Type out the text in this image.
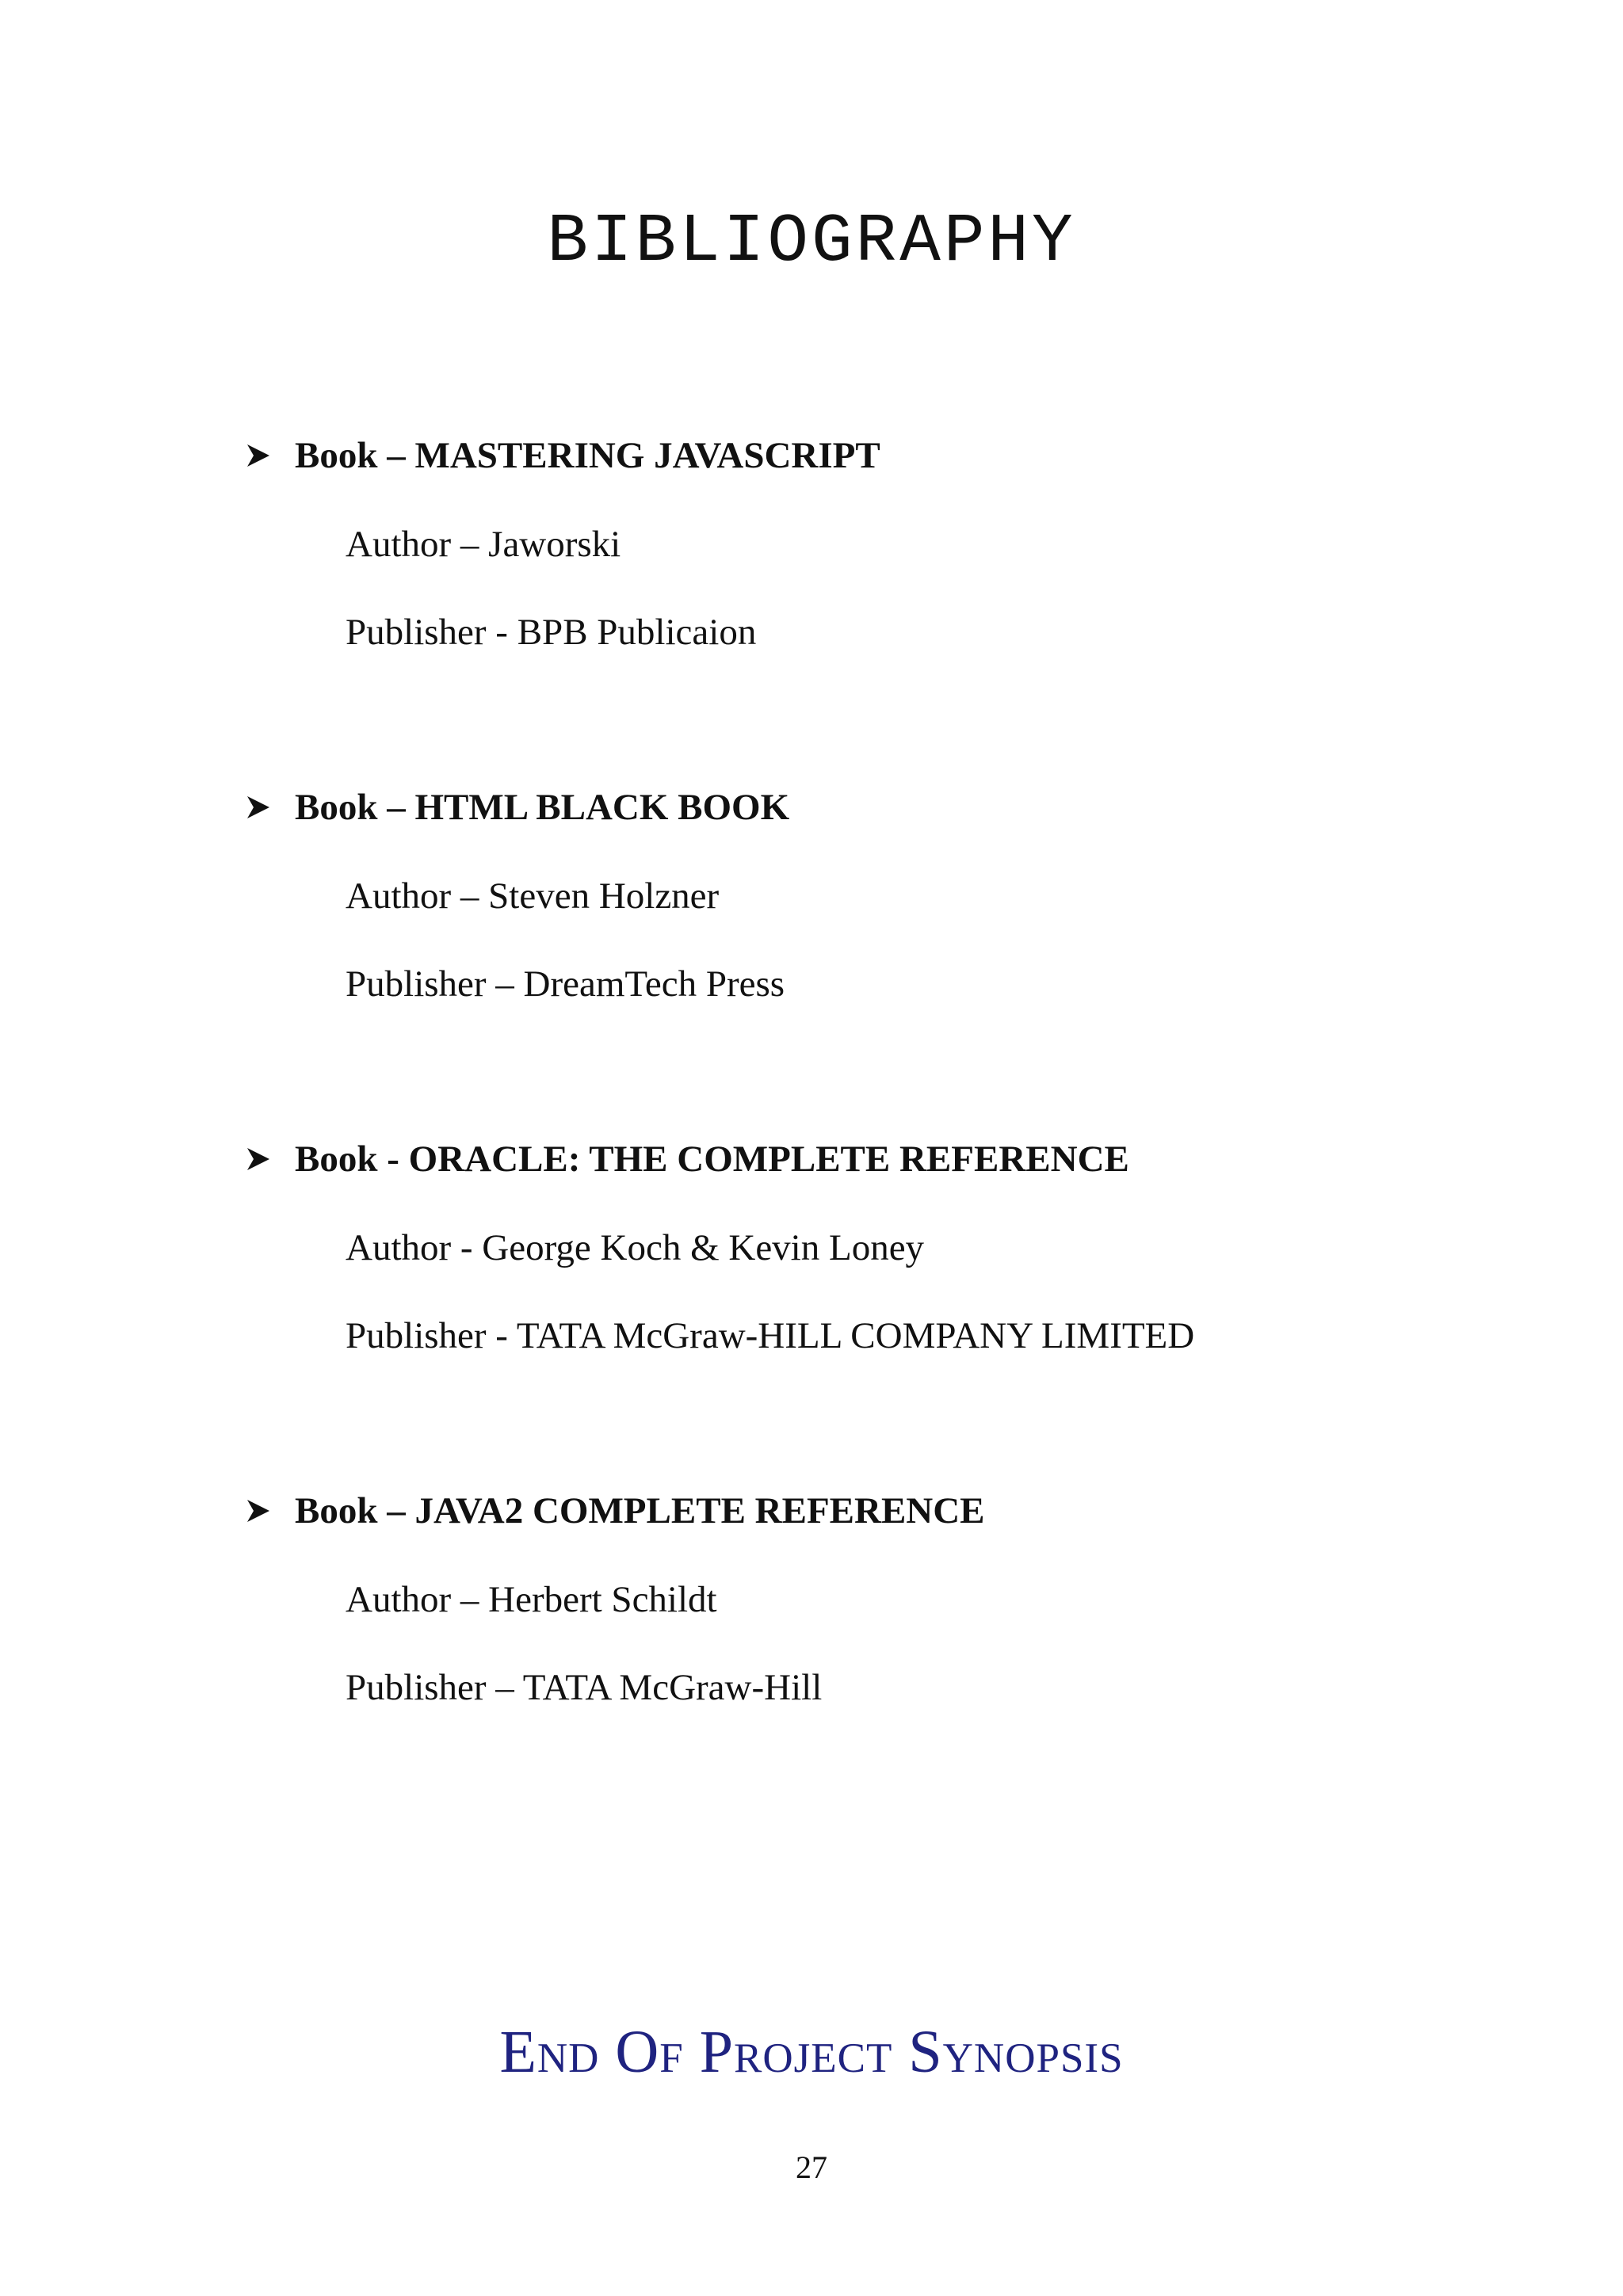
BIBLIOGRAPHY
Book – MASTERING JAVASCRIPT
Author – Jaworski
Publisher - BPB Publicaion
Book – HTML BLACK BOOK
Author – Steven Holzner
Publisher – DreamTech Press
Book - ORACLE: THE COMPLETE REFERENCE
Author - George Koch & Kevin Loney
Publisher - TATA McGraw-HILL COMPANY LIMITED
Book – JAVA2 COMPLETE REFERENCE
Author – Herbert Schildt
Publisher – TATA McGraw-Hill
End Of Project Synopsis
27
